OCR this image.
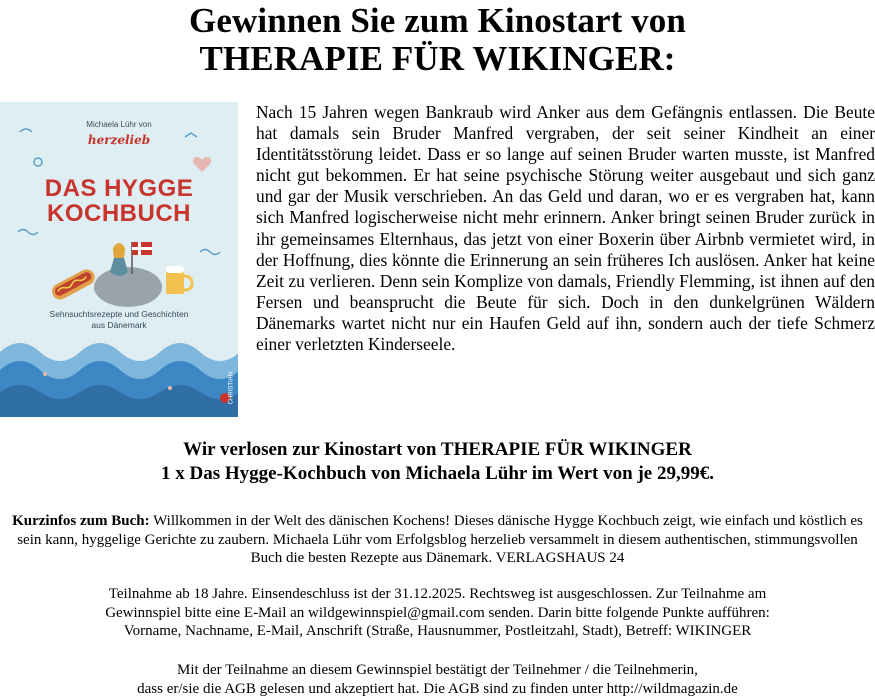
Gewinnen Sie zum Kinostart von
THERAPIE FÜR WIKINGER:
Michaela Lühr von
herzelieb
DAS HYGGE
KOCHBUCH
Sehnsuchtsrezepte und Geschichten
aus Dänemark
CHRISTIAN
Nach 15 Jahren wegen Bankraub wird Anker aus dem Gefängnis entlassen. Die Beute hat damals sein Bruder Manfred vergraben, der seit seiner Kindheit an einer Identitätsstörung leidet. Dass er so lange auf seinen Bruder warten musste, ist Manfred nicht gut bekommen. Er hat seine psychische Störung weiter ausgebaut und sich ganz und gar der Musik verschrieben. An das Geld und daran, wo er es vergraben hat, kann sich Manfred logischerweise nicht mehr erinnern. Anker bringt seinen Bruder zurück in ihr gemeinsames Elternhaus, das jetzt von einer Boxerin über Airbnb vermietet wird, in der Hoffnung, dies könnte die Erinnerung an sein früheres Ich auslösen. Anker hat keine Zeit zu verlieren. Denn sein Komplize von damals, Friendly Flemming, ist ihnen auf den Fersen und beansprucht die Beute für sich. Doch in den dunkelgrünen Wäldern Dänemarks wartet nicht nur ein Haufen Geld auf ihn, sondern auch der tiefe Schmerz einer verletzten Kinderseele.
Wir verlosen zur Kinostart von THERAPIE FÜR WIKINGER
1 x Das Hygge-Kochbuch von Michaela Lühr im Wert von je 29,99€.
Kurzinfos zum Buch: Willkommen in der Welt des dänischen Kochens! Dieses dänische Hygge Kochbuch zeigt, wie einfach und köstlich es sein kann, hyggelige Gerichte zu zaubern. Michaela Lühr vom Erfolgsblog herzelieb versammelt in diesem authentischen, stimmungsvollen Buch die besten Rezepte aus Dänemark. VERLAGSHAUS 24
Teilnahme ab 18 Jahre. Einsendeschluss ist der 31.12.2025. Rechtsweg ist ausgeschlossen. Zur Teilnahme am
Gewinnspiel bitte eine E-Mail an wildgewinnspiel@gmail.com senden. Darin bitte folgende Punkte aufführen:
Vorname, Nachname, E-Mail, Anschrift (Straße, Hausnummer, Postleitzahl, Stadt), Betreff: WIKINGER
Mit der Teilnahme an diesem Gewinnspiel bestätigt der Teilnehmer / die Teilnehmerin,
dass er/sie die AGB gelesen und akzeptiert hat. Die AGB sind zu finden unter http://wildmagazin.de
